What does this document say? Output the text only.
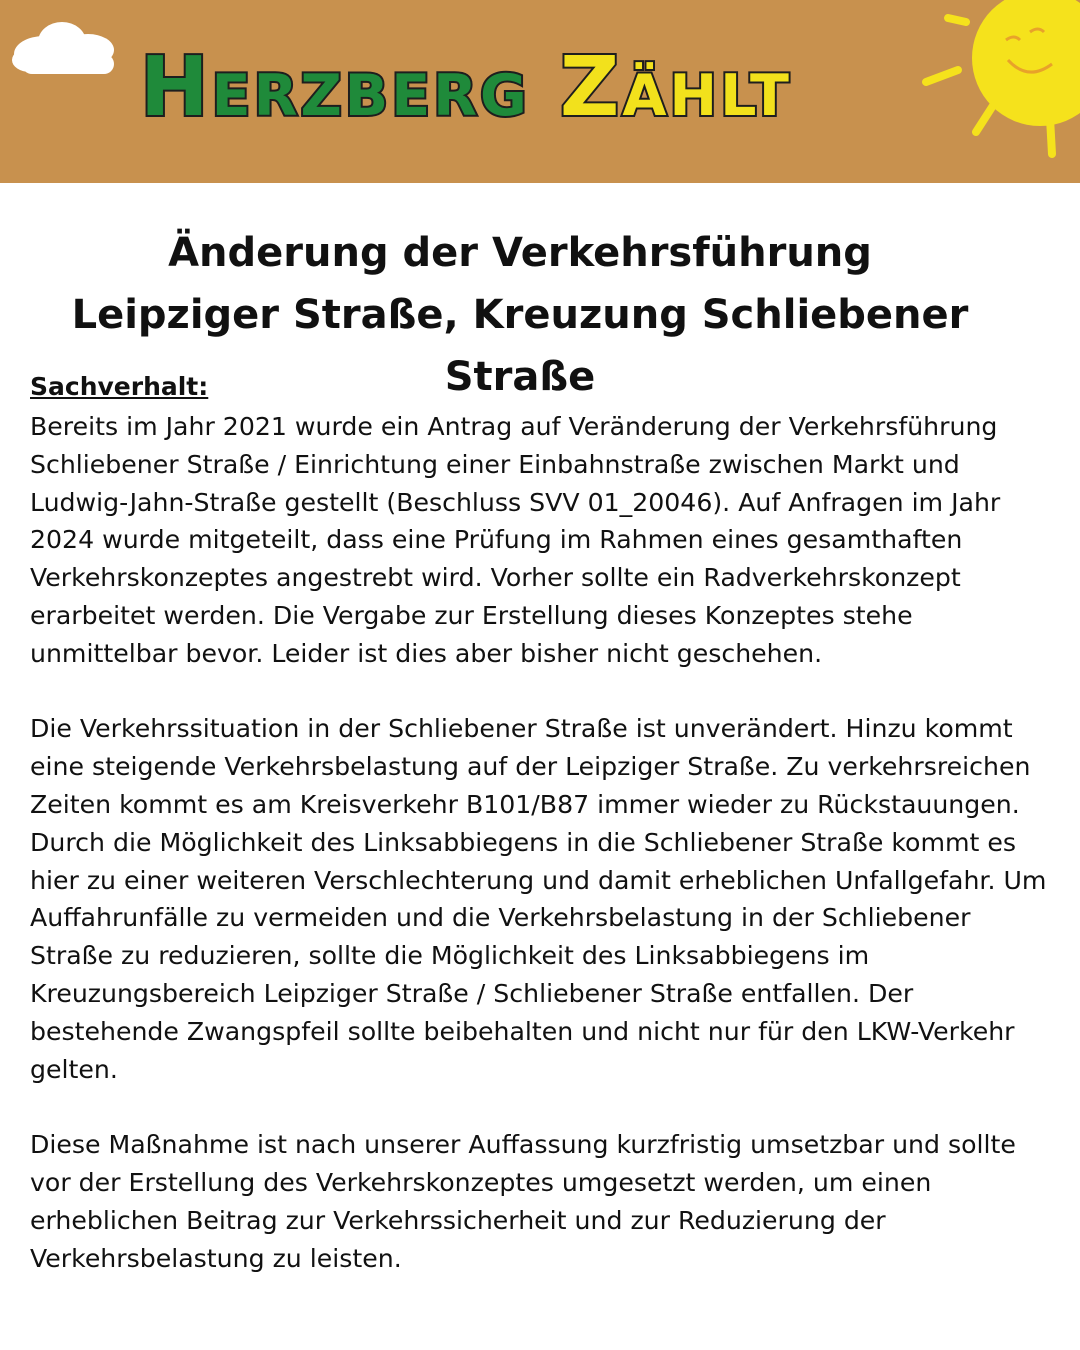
Herzberg Zählt
Änderung der Verkehrsführung
Leipziger Straße, Kreuzung Schliebener Straße
Sachverhalt:

Bereits im Jahr 2021 wurde ein Antrag auf Veränderung der Verkehrsführung Schliebener Straße / Einrichtung einer Einbahnstraße zwischen Markt und Ludwig-Jahn-Straße gestellt (Beschluss SVV 01_20046). Auf Anfragen im Jahr 2024 wurde mitgeteilt, dass eine Prüfung im Rahmen eines gesamthaften Verkehrskonzeptes angestrebt wird. Vorher sollte ein Radverkehrskonzept erarbeitet werden. Die Vergabe zur Erstellung dieses Konzeptes stehe unmittelbar bevor. Leider ist dies aber bisher nicht geschehen.

Die Verkehrssituation in der Schliebener Straße ist unverändert. Hinzu kommt eine steigende Verkehrsbelastung auf der Leipziger Straße. Zu verkehrsreichen Zeiten kommt es am Kreisverkehr B101/B87 immer wieder zu Rückstauungen. Durch die Möglichkeit des Linksabbiegens in die Schliebener Straße kommt es hier zu einer weiteren Verschlechterung und damit erheblichen Unfallgefahr. Um Auffahrunfälle zu vermeiden und die Verkehrsbelastung in der Schliebener Straße zu reduzieren, sollte die Möglichkeit des Linksabbiegens im Kreuzungsbereich Leipziger Straße / Schliebener Straße entfallen. Der bestehende Zwangspfeil sollte beibehalten und nicht nur für den LKW-Verkehr gelten.

Diese Maßnahme ist nach unserer Auffassung kurzfristig umsetzbar und sollte vor der Erstellung des Verkehrskonzeptes umgesetzt werden, um einen erheblichen Beitrag zur Verkehrssicherheit und zur Reduzierung der Verkehrsbelastung zu leisten.
